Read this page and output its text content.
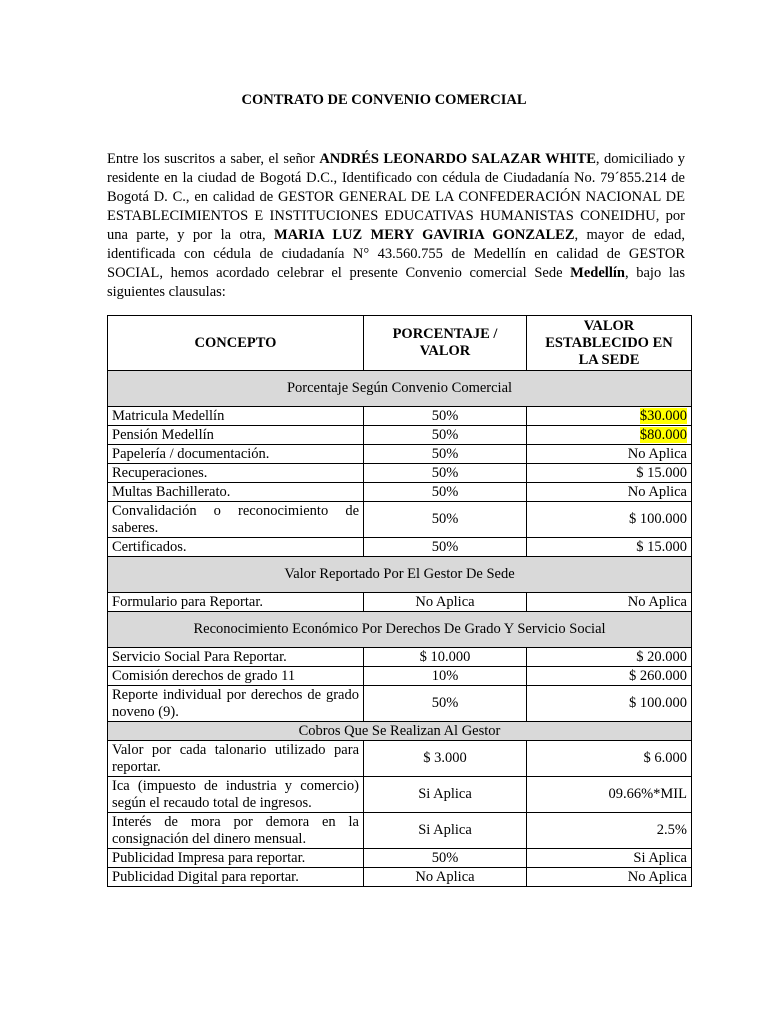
CONTRATO DE CONVENIO COMERCIAL
Entre los suscritos a saber, el señor ANDRÉS LEONARDO SALAZAR WHITE, domiciliado y residente en la ciudad de Bogotá D.C., Identificado con cédula de Ciudadanía No. 79´855.214 de Bogotá D. C., en calidad de GESTOR GENERAL DE LA CONFEDERACIÓN NACIONAL DE ESTABLECIMIENTOS E INSTITUCIONES EDUCATIVAS HUMANISTAS CONEIDHU, por una parte, y por la otra, MARIA LUZ MERY GAVIRIA GONZALEZ, mayor de edad, identificada con cédula de ciudadanía N° 43.560.755 de Medellín en calidad de GESTOR SOCIAL, hemos acordado celebrar el presente Convenio comercial Sede Medellín, bajo las siguientes clausulas:
CONCEPTO	PORCENTAJE / VALOR	VALOR ESTABLECIDO EN LA SEDE
Porcentaje Según Convenio Comercial		
Matricula Medellín	50%	$30.000
Pensión Medellín	50%	$80.000
Papelería / documentación.	50%	No Aplica
Recuperaciones.	50%	$ 15.000
Multas Bachillerato.	50%	No Aplica
Convalidación o reconocimiento de saberes.	50%	$ 100.000
Certificados.	50%	$ 15.000
Valor Reportado Por El Gestor De Sede		
Formulario para Reportar.	No Aplica	No Aplica
Reconocimiento Económico Por Derechos De Grado Y Servicio Social		
Servicio Social Para Reportar.	$ 10.000	$ 20.000
Comisión derechos de grado 11	10%	$ 260.000
Reporte individual por derechos de grado noveno (9).	50%	$ 100.000
Cobros Que Se Realizan Al Gestor		
Valor por cada talonario utilizado para reportar.	$ 3.000	$ 6.000
Ica (impuesto de industria y comercio) según el recaudo total de ingresos.	Si Aplica	09.66%*MIL
Interés de mora por demora en la consignación del dinero mensual.	Si Aplica	2.5%
Publicidad Impresa para reportar.	50%	Si Aplica
Publicidad Digital para reportar.	No Aplica	No Aplica
